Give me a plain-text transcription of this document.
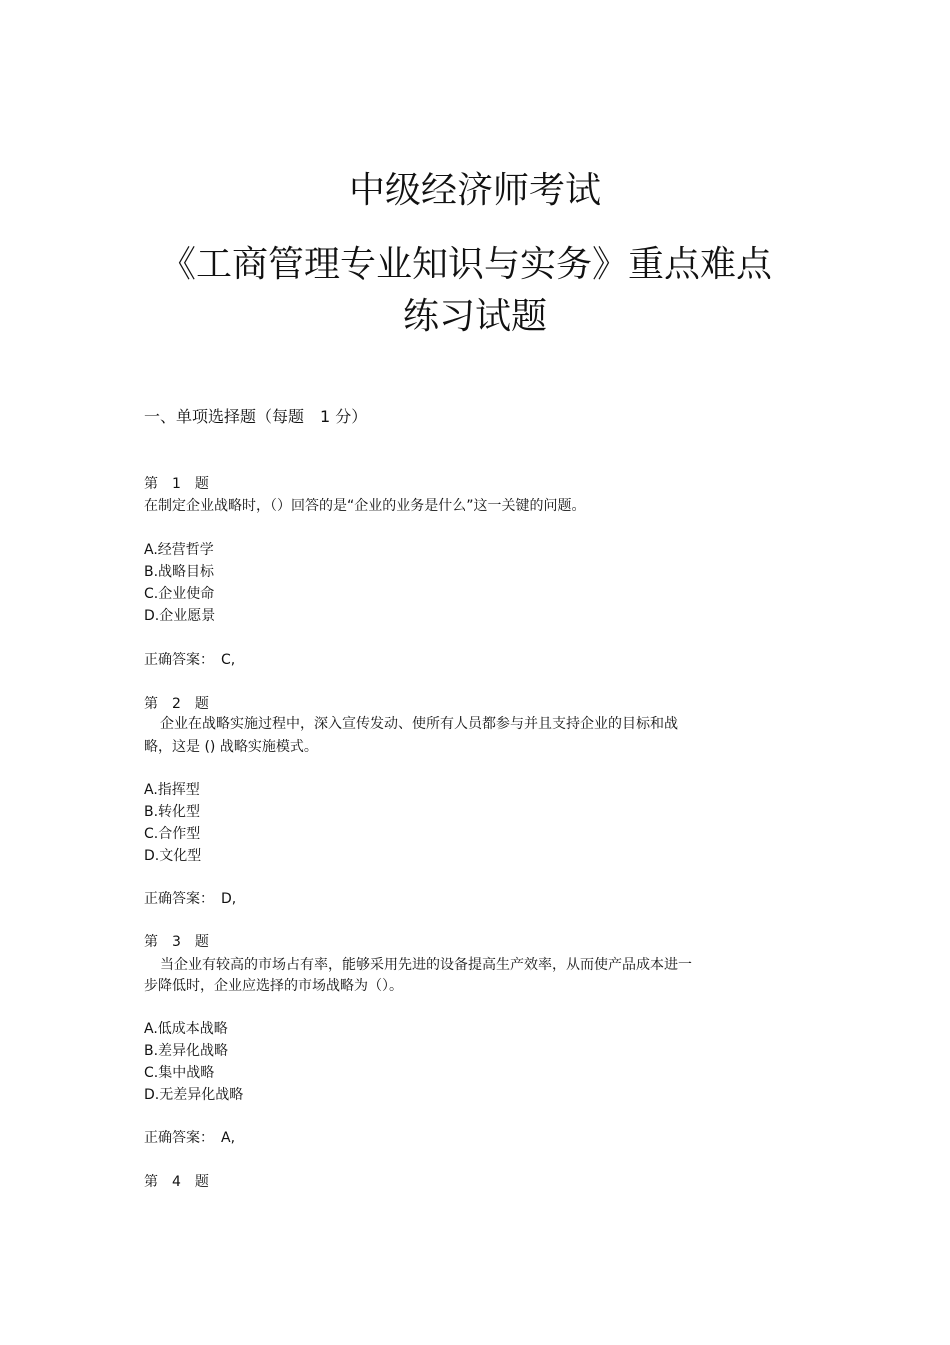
中级经济师考试
《工商管理专业知识与实务》重点难点
练习试题
一、单项选择题（每题　1 分）
第　1　题
在制定企业战略时，（）回答的是“企业的业务是什么”这一关键的问题。
A.经营哲学
B.战略目标
C.企业使命
D.企业愿景
正确答案：　C,
第　2　题
企业在战略实施过程中，深入宣传发动、使所有人员都参与并且支持企业的目标和战
略，这是 () 战略实施模式。
A.指挥型
B.转化型
C.合作型
D.文化型
正确答案：　D,
第　3　题
当企业有较高的市场占有率，能够采用先进的设备提高生产效率，从而使产品成本进一
步降低时，企业应选择的市场战略为（）。
A.低成本战略
B.差异化战略
C.集中战略
D.无差异化战略
正确答案：　A,
第　4　题
